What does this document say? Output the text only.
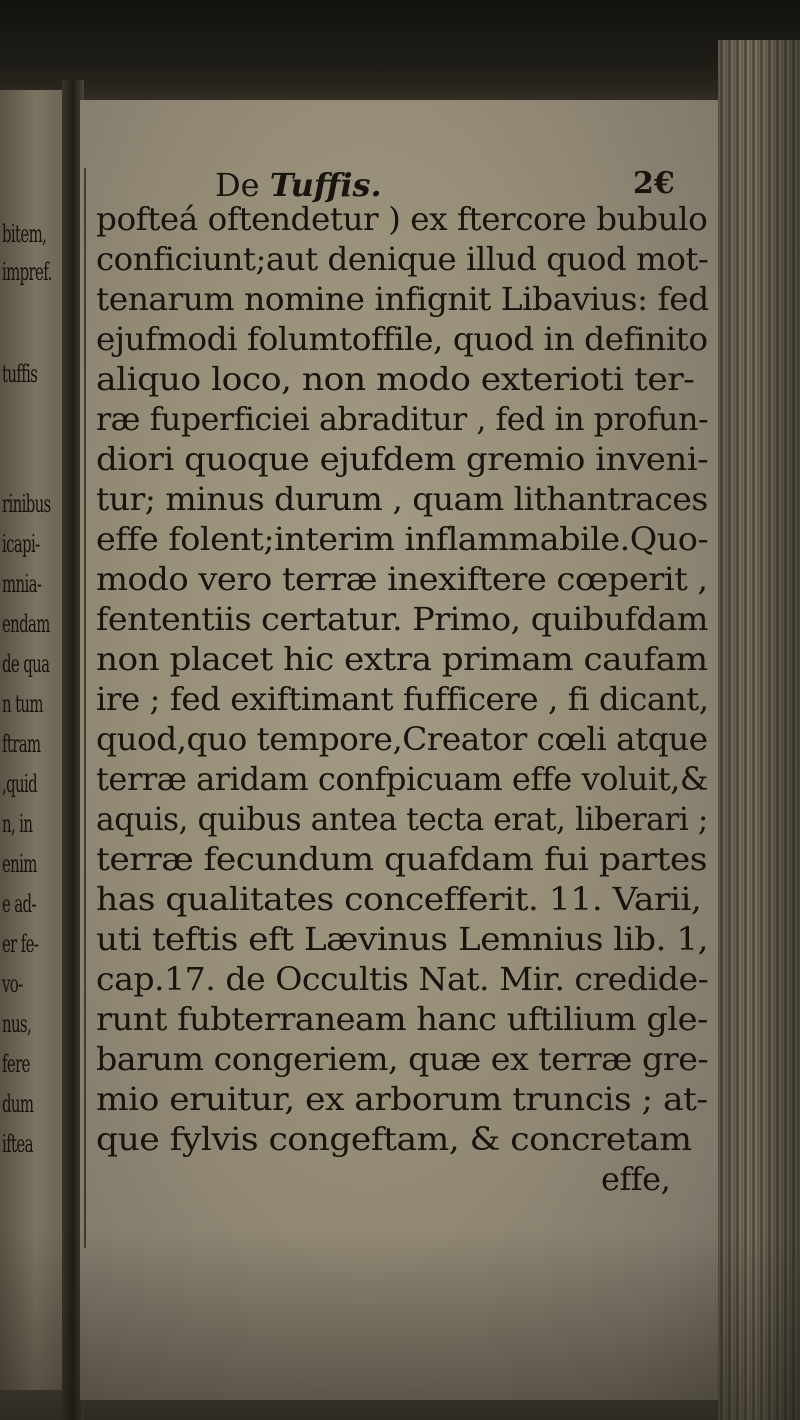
bitem,
impref.
tuffis
rinibus
icapi-
mnia-
endam
de qua
n tum
ftram
,quid
n, in
enim
e ad-
er fe-
vo-
nus,
fere
dum
iftea
De Tuffis.	2€
pofteá oftendetur ) ex ftercore bubulo
conficiunt;aut denique illud quod mot-
tenarum nomine infignit Libavius: fed
ejufmodi folumtoffile, quod in definito
aliquo loco, non modo exterioti ter-
ræ fuperficiei abraditur , fed in profun-
diori quoque ejufdem gremio inveni-
tur; minus durum , quam lithantraces
effe folent;interim inflammabile.Quo-
modo vero terræ inexiftere cœperit ,
fententiis certatur. Primo, quibufdam
non placet hic extra primam caufam
ire ; fed exiftimant fufficere , fi dicant,
quod,quo tempore,Creator cœli atque
terræ aridam confpicuam effe voluit,&
aquis, quibus antea tecta erat, liberari ;
terræ fecundum quafdam fui partes
has qualitates concefferit. 11. Varii,
uti teftis eft Lævinus Lemnius lib. 1,
cap.17. de Occultis Nat. Mir. credide-
runt fubterraneam hanc uftilium gle-
barum congeriem, quæ ex terræ gre-
mio eruitur, ex arborum truncis ; at-
que fylvis congeftam, & concretam
effe,
